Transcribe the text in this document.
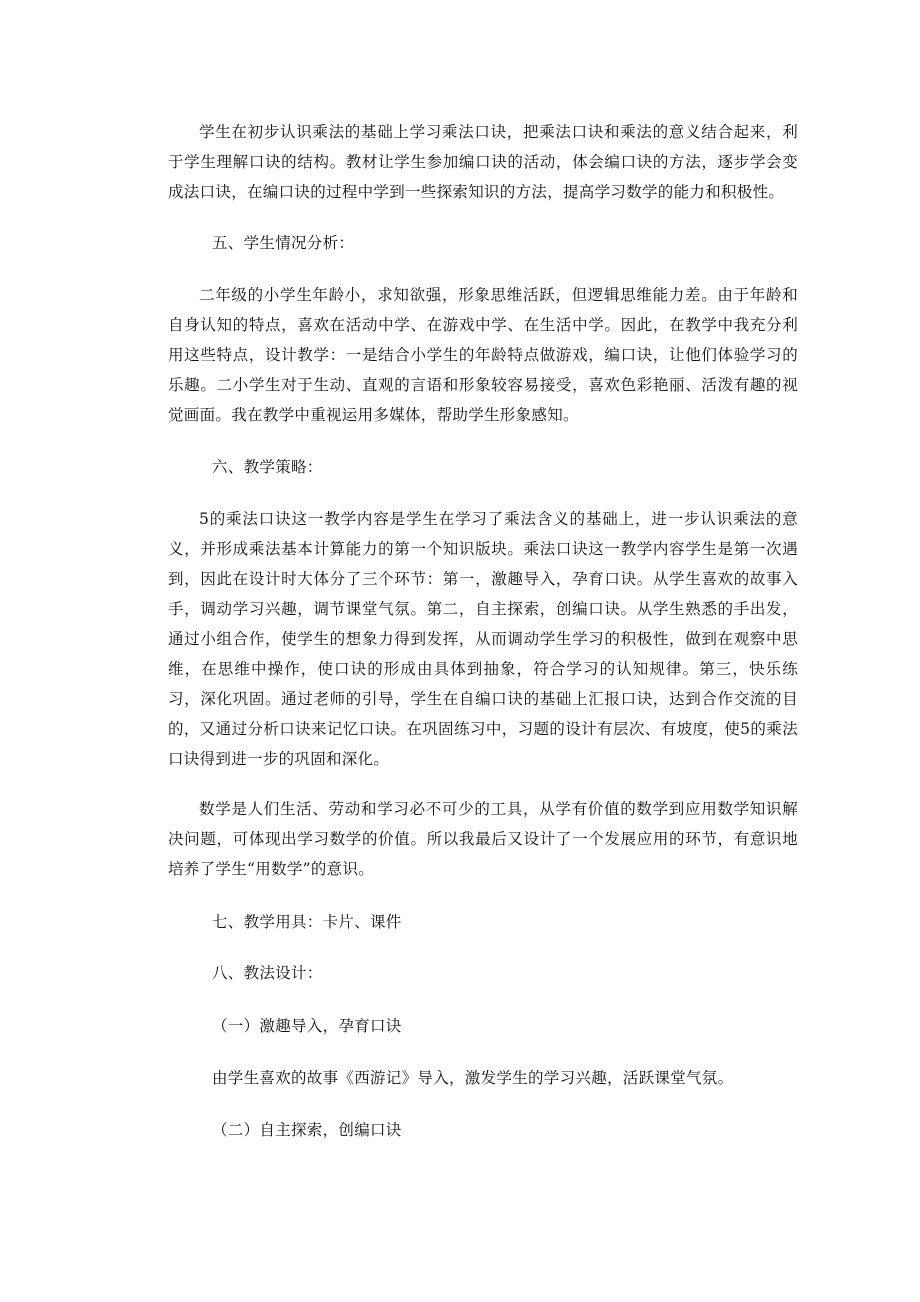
学生在初步认识乘法的基础上学习乘法口诀，把乘法口诀和乘法的意义结合起来，利于学生理解口诀的结构。教材让学生参加编口诀的活动，体会编口诀的方法，逐步学会变成法口诀，在编口诀的过程中学到一些探索知识的方法，提高学习数学的能力和积极性。

五、学生情况分析：

二年级的小学生年龄小，求知欲强，形象思维活跃，但逻辑思维能力差。由于年龄和自身认知的特点，喜欢在活动中学、在游戏中学、在生活中学。因此，在教学中我充分利用这些特点，设计教学：一是结合小学生的年龄特点做游戏，编口诀，让他们体验学习的乐趣。二小学生对于生动、直观的言语和形象较容易接受，喜欢色彩艳丽、活泼有趣的视觉画面。我在教学中重视运用多媒体，帮助学生形象感知。

六、教学策略：

5的乘法口诀这一教学内容是学生在学习了乘法含义的基础上，进一步认识乘法的意义，并形成乘法基本计算能力的第一个知识版块。乘法口诀这一教学内容学生是第一次遇到，因此在设计时大体分了三个环节：第一，激趣导入，孕育口诀。从学生喜欢的故事入手，调动学习兴趣，调节课堂气氛。第二，自主探索，创编口诀。从学生熟悉的手出发，通过小组合作，使学生的想象力得到发挥，从而调动学生学习的积极性，做到在观察中思维，在思维中操作，使口诀的形成由具体到抽象，符合学习的认知规律。第三，快乐练习，深化巩固。通过老师的引导，学生在自编口诀的基础上汇报口诀，达到合作交流的目的，又通过分析口诀来记忆口诀。在巩固练习中，习题的设计有层次、有坡度，使5的乘法口诀得到进一步的巩固和深化。

数学是人们生活、劳动和学习必不可少的工具，从学有价值的数学到应用数学知识解决问题，可体现出学习数学的价值。所以我最后又设计了一个发展应用的环节，有意识地培养了学生“用数学”的意识。

七、教学用具：卡片、课件

八、教法设计：

（一）激趣导入，孕育口诀

由学生喜欢的故事《西游记》导入，激发学生的学习兴趣，活跃课堂气氛。

（二）自主探索，创编口诀
